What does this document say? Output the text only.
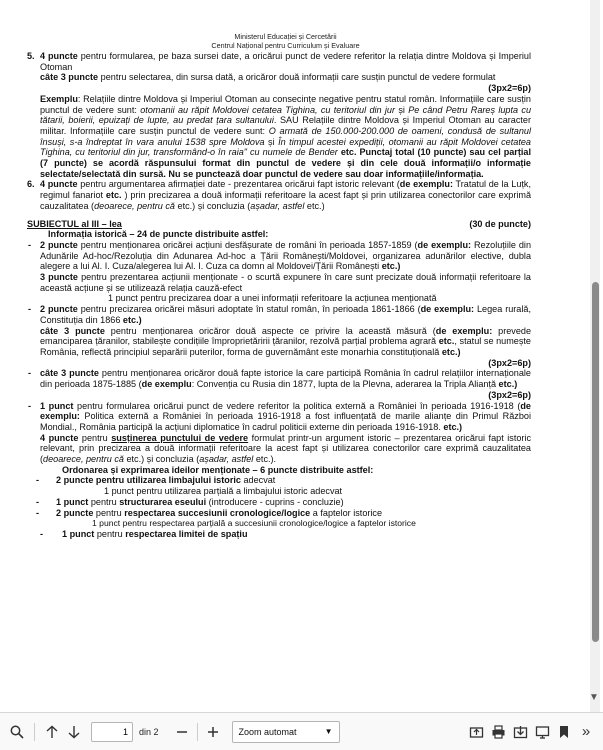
Ministerul Educației și Cercetării
Centrul Național pentru Curriculum și Evaluare
5. 4 puncte pentru formularea, pe baza sursei date, a oricărui punct de vedere referitor la relația dintre Moldova și Imperiul Otoman
câte 3 puncte pentru selectarea, din sursa dată, a oricăror două informații care susțin punctul de vedere formulat
(3px2=6p)
Exemplu: Relațiile dintre Moldova și Imperiul Otoman au consecințe negative pentru statul român. Informațiile care susțin punctul de vedere sunt: otomanii au răpit Moldovei cetatea Tighina, cu teritoriul din jur și Pe când Petru Rareș lupta cu tătarii, boierii, epuizați de lupte, au predat țara sultanului. SAU Relațiile dintre Moldova și Imperiul Otoman au caracter militar. Informațiile care susțin punctul de vedere sunt: O armată de 150.000-200.000 de oameni, condusă de sultanul însuși, s-a îndreptat în vara anului 1538 spre Moldova și În timpul acestei expediții, otomanii au răpit Moldovei cetatea Tighina, cu teritoriul din jur, transformând-o în raia" cu numele de Bender etc. Punctaj total (10 puncte) sau cel parțial (7 puncte) se acordă răspunsului format din punctul de vedere și din cele două informații/o informație selectate/selectată din sursă. Nu se punctează doar punctul de vedere sau doar informațiile/informația.
6. 4 puncte pentru argumentarea afirmației date - prezentarea oricărui fapt istoric relevant (de exemplu: Tratatul de la Luțk, regimul fanariot etc. ) prin precizarea a două informații referitoare la acest fapt și prin utilizarea conectorilor care exprimă cauzalitatea (deoarece, pentru că etc.) și concluzia (așadar, astfel etc.)
SUBIECTUL al III – lea	(30 de puncte)
Informația istorică – 24 de puncte distribuite astfel:
- 2 puncte pentru menționarea oricărei acțiuni desfășurate de români în perioada 1857-1859 (de exemplu: Rezoluțiile din Adunările Ad-hoc/Rezoluția din Adunarea Ad-hoc a Țării Românești/Moldovei, organizarea adunărilor elective, dubla alegere a lui Al. I. Cuza/alegerea lui Al. I. Cuza ca domn al Moldovei/Țării Românești etc.)
3 puncte pentru prezentarea acțiunii menționate - o scurtă expunere în care sunt precizate două informații referitoare la această acțiune și se utilizează relația cauză-efect
1 punct pentru precizarea doar a unei informații referitoare la acțiunea menționată
- 2 puncte pentru precizarea oricărei măsuri adoptate în statul român, în perioada 1861-1866 (de exemplu: Legea rurală, Constituția din 1866 etc.)
câte 3 puncte pentru menționarea oricăror două aspecte ce privire la această măsură (de exemplu: prevede emanciparea țăranilor, stabilește condițiile împroprietăririi țăranilor, rezolvă parțial problema agrară etc., statul se numește România, reflectă principiul separării puterilor, forma de guvernământ este monarhia constituțională etc.)
(3px2=6p)
- câte 3 puncte pentru menționarea oricăror două fapte istorice la care participă România în cadrul relațiilor internaționale din perioada 1875-1885 (de exemplu: Convenția cu Rusia din 1877, lupta de la Plevna, aderarea la Tripla Alianță etc.)
(3px2=6p)
- 1 punct pentru formularea oricărui punct de vedere referitor la politica externă a României în perioada 1916-1918 (de exemplu: Politica externă a României în perioada 1916-1918 a fost influențată de marile alianțe din Primul Război Mondial., România participă la acțiuni diplomatice în cadrul politicii externe din perioada 1916-1918. etc.)
4 puncte pentru susținerea punctului de vedere formulat printr-un argument istoric – prezentarea oricărui fapt istoric relevant, prin precizarea a două informații referitoare la acest fapt și utilizarea conectorilor care exprimă cauzalitatea (deoarece, pentru că etc.) și concluzia (așadar, astfel etc.).
Ordonarea și exprimarea ideilor menționate – 6 puncte distribuite astfel:
-	2 puncte pentru utilizarea limbajului istoric adecvat
1 punct pentru utilizarea parțială a limbajului istoric adecvat
-	1 punct pentru structurarea eseului (introducere - cuprins - concluzie)
-	2 puncte pentru respectarea succesiunii cronologice/logice a faptelor istorice
1 punct pentru respectarea parțială a succesiunii cronologice/logice a faptelor istorice
-	1 punct pentru respectarea limitei de spațiu
▼
1
din 2	Zoom automat	▼	»
